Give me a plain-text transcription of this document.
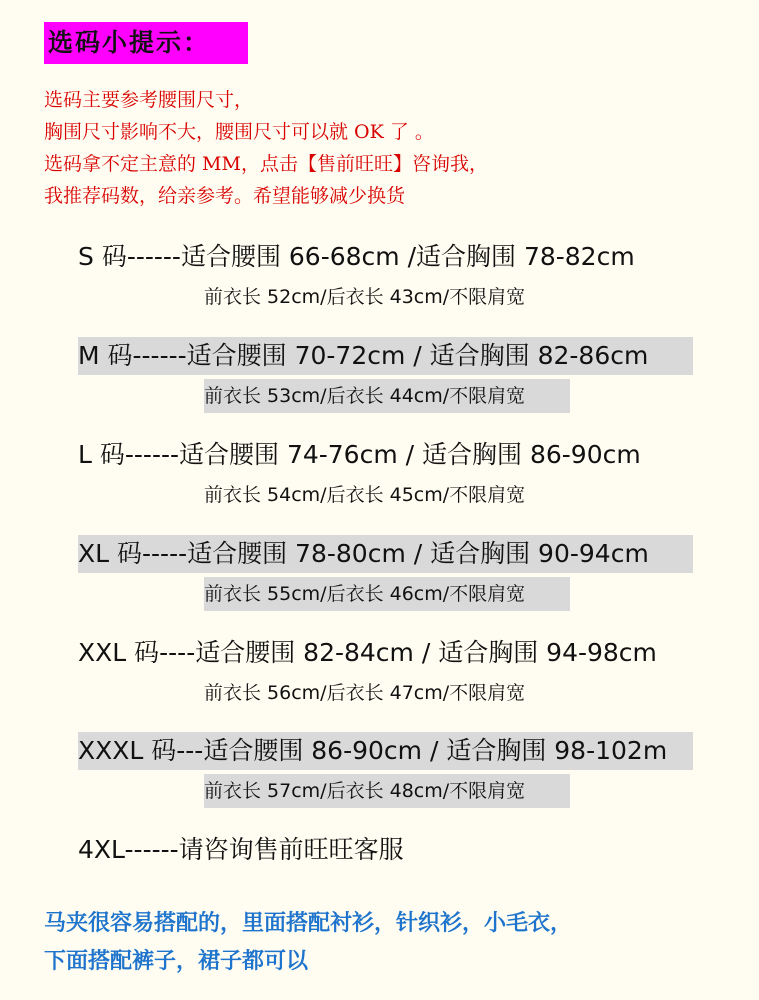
选码小提示：
选码主要参考腰围尺寸，
胸围尺寸影响不大，腰围尺寸可以就 OK 了 。
选码拿不定主意的 MM，点击【售前旺旺】咨询我，
我推荐码数，给亲参考。希望能够减少换货
S 码------适合腰围 66-68cm /适合胸围 78-82cm
前衣长 52cm/后衣长 43cm/不限肩宽
M 码------适合腰围 70-72cm / 适合胸围 82-86cm
前衣长 53cm/后衣长 44cm/不限肩宽
L 码------适合腰围 74-76cm / 适合胸围 86-90cm
前衣长 54cm/后衣长 45cm/不限肩宽
XL 码-----适合腰围 78-80cm / 适合胸围 90-94cm
前衣长 55cm/后衣长 46cm/不限肩宽
XXL 码----适合腰围 82-84cm / 适合胸围 94-98cm
前衣长 56cm/后衣长 47cm/不限肩宽
XXXL 码---适合腰围 86-90cm / 适合胸围 98-102m
前衣长 57cm/后衣长 48cm/不限肩宽
4XL------请咨询售前旺旺客服
马夹很容易搭配的，里面搭配衬衫，针织衫，小毛衣，
下面搭配裤子，裙子都可以
